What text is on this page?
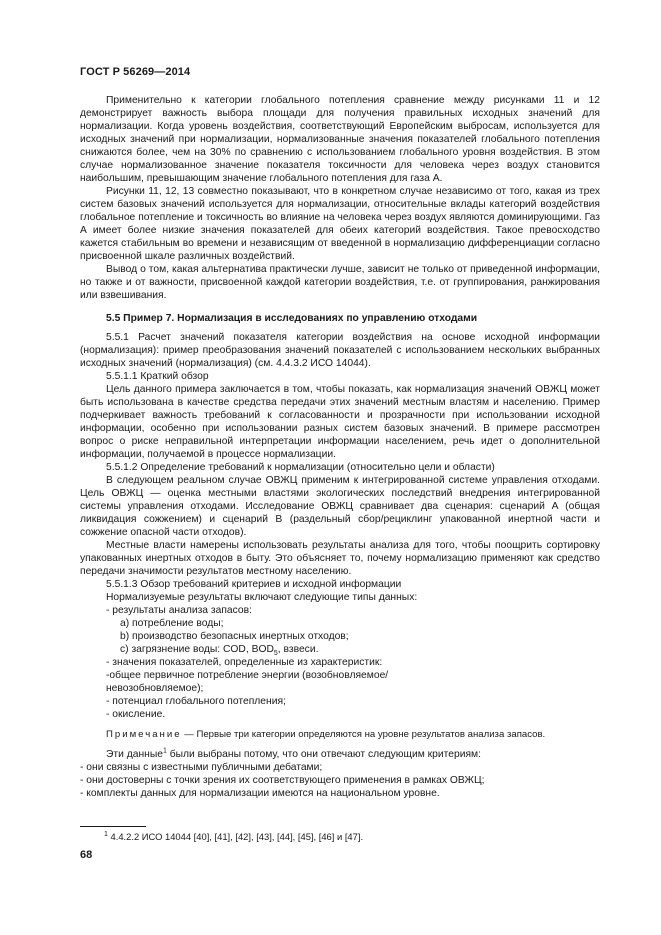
ГОСТ Р 56269—2014

Применительно к категории глобального потепления сравнение между рисунками 11 и 12 демонстрирует важность выбора площади для получения правильных исходных значений для нормализации. Когда уровень воздействия, соответствующий Европейским выбросам, используется для исходных значений при нормализации, нормализованные значения показателей глобального потепления снижаются более, чем на 30% по сравнению с использованием глобального уровня воздействия. В этом случае нормализованное значение показателя токсичности для человека через воздух становится наибольшим, превышающим значение глобального потепления для газа А.

Рисунки 11, 12, 13 совместно показывают, что в конкретном случае независимо от того, какая из трех систем базовых значений используется для нормализации, относительные вклады категорий воздействия глобальное потепление и токсичность во влияние на человека через воздух являются доминирующими. Газ А имеет более низкие значения показателей для обеих категорий воздействия. Такое превосходство кажется стабильным во времени и независящим от введенной в нормализацию дифференциации согласно присвоенной шкале различных воздействий.

Вывод о том, какая альтернатива практически лучше, зависит не только от приведенной информации, но также и от важности, присвоенной каждой категории воздействия, т.е. от группирования, ранжирования или взвешивания.

5.5 Пример 7. Нормализация в исследованиях по управлению отходами

5.5.1 Расчет значений показателя категории воздействия на основе исходной информации (нормализация): пример преобразования значений показателей с использованием нескольких выбранных исходных значений (нормализация) (см. 4.4.3.2 ИСО 14044).

5.5.1.1 Краткий обзор

Цель данного примера заключается в том, чтобы показать, как нормализация значений ОВЖЦ может быть использована в качестве средства передачи этих значений местным властям и населению. Пример подчеркивает важность требований к согласованности и прозрачности при использовании исходной информации, особенно при использовании разных систем базовых значений. В примере рассмотрен вопрос о риске неправильной интерпретации информации населением, речь идет о дополнительной информации, получаемой в процессе нормализации.

5.5.1.2 Определение требований к нормализации (относительно цели и области)

В следующем реальном случае ОВЖЦ применим к интегрированной системе управления отходами. Цель ОВЖЦ — оценка местными властями экологических последствий внедрения интегрированной системы управления отходами. Исследование ОВЖЦ сравнивает два сценария: сценарий А (общая ликвидация сожжением) и сценарий В (раздельный сбор/рециклинг упакованной инертной части и сожжение опасной части отходов).

Местные власти намерены использовать результаты анализа для того, чтобы поощрить сортировку упакованных инертных отходов в быту. Это объясняет то, почему нормализацию применяют как средство передачи значимости результатов местному населению.

5.5.1.3 Обзор требований критериев и исходной информации

Нормализуемые результаты включают следующие типы данных:

- результаты анализа запасов:

a) потребление воды;

b) производство безопасных инертных отходов;

c) загрязнение воды: COD, $BOD_5$, взвеси.

- значения показателей, определенные из характеристик:

-общее первичное потребление энергии (возобновляемое/

невозобновляемое);

- потенциал глобального потепления;

- окисление.

Примечание — Первые три категории определяются на уровне результатов анализа запасов.

Эти данные$^1$ были выбраны потому, что они отвечают следующим критериям:

- они связны с известными публичными дебатами;

- они достоверны с точки зрения их соответствующего применения в рамках ОВЖЦ;

- комплекты данных для нормализации имеются на национальном уровне.

$^1$ 4.4.2.2 ИСО 14044 [40], [41], [42], [43], [44], [45], [46] и [47].
68
